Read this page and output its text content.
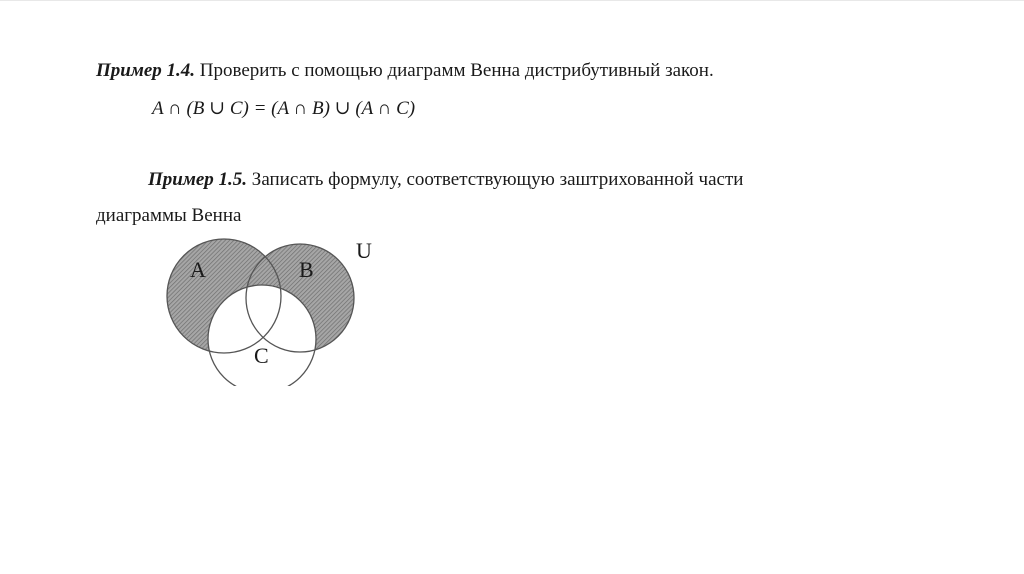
Пример 1.4. Проверить с помощью диаграмм Венна дистрибутивный закон.
A ∩ (B ∪ C) = (A ∩ B) ∪ (A ∩ C)
Пример 1.5. Записать формулу, соответствующую заштрихованной части
диаграммы Венна
A	B
C
U
